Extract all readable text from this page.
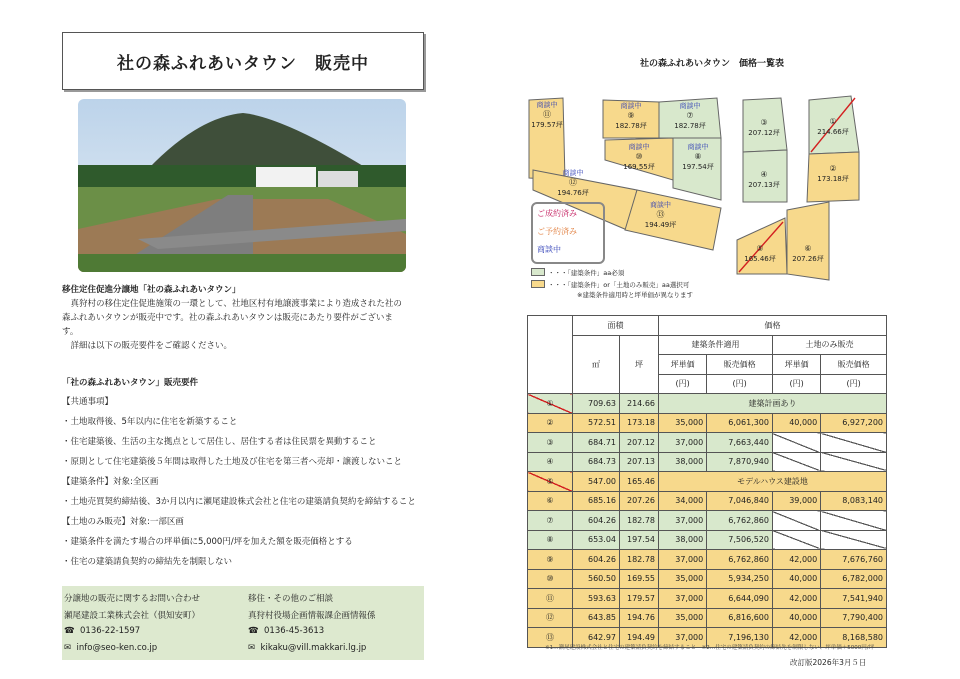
社の森ふれあいタウン　販売中
移住定住促進分譲地「社の森ふれあいタウン」
真狩村の移住定住促進施策の一環として、社地区村有地譲渡事業により造成された社の
森ふれあいタウンが販売中です。社の森ふれあいタウンは販売にあたり要件がございま
す。
詳細は以下の販売要件をご確認ください。
「社の森ふれあいタウン」販売要件
【共通事項】
・土地取得後、5年以内に住宅を新築すること
・住宅建築後、生活の主な拠点として居住し、居住する者は住民票を異動すること
・原則として住宅建築後５年間は取得した土地及び住宅を第三者へ売却・譲渡しないこと
【建築条件】対象:全区画
・土地売買契約締結後、3か月以内に瀬尾建設株式会社と住宅の建築請負契約を締結すること
【土地のみ販売】対象:一部区画
・建築条件を満たす場合の坪単価に5,000円/坪を加えた額を販売価格とする
・住宅の建築請負契約の締結先を制限しない
分譲地の販売に関するお問い合わせ
瀬尾建設工業株式会社（倶知安町）
☎ 0136-22-1597
✉ info@seo-ken.co.jp
移住・その他のご相談
真狩村役場企画情報課企画情報係
☎ 0136-45-3613
✉ kikaku@vill.makkari.lg.jp
社の森ふれあいタウン　価格一覧表
商談中
⑪
179.57坪
商談中
⑨
182.78坪
商談中
⑦
182.78坪	③
207.12坪
①
214.66坪
商談中
⑩
169.55坪
商談中
⑧
197.54坪
④
207.13坪
②
173.18坪
商談中
⑫
194.76坪
商談中
⑬
194.49坪
⑤
165.46坪
⑥
207.26坪
ご成約済み
ご予約済み
商談中
・・・「建築条件」aa必須
・・・「建築条件」or「土地のみ販売」aa選択可
※建築条件適用時と坪単価が異なります
	面積		価格			
	㎡	坪	建築条件適用		土地のみ販売	
			坪単価	販売価格	坪単価	販売価格
			(円)	(円)	(円)	(円)
①	709.63	214.66	建築計画あり			
②	572.51	173.18	35,000	6,061,300	40,000	6,927,200
③	684.71	207.12	37,000	7,663,440		
④	684.73	207.13	38,000	7,870,940		
⑤	547.00	165.46	モデルハウス建設地			
⑥	685.16	207.26	34,000	7,046,840	39,000	8,083,140
⑦	604.26	182.78	37,000	6,762,860		
⑧	653.04	197.54	38,000	7,506,520		
⑨	604.26	182.78	37,000	6,762,860	42,000	7,676,760
⑩	560.50	169.55	35,000	5,934,250	40,000	6,782,000
⑪	593.63	179.57	37,000	6,644,090	42,000	7,541,940
⑫	643.85	194.76	35,000	6,816,600	40,000	7,790,400
⑬	642.97	194.49	37,000	7,196,130	42,000	8,168,580
※1…瀬尾建設株式会社と住宅の建築請負契約を締結すること　※2…住宅の建築請負契約の締結先を制限しない、坪単価＋5000円/坪
改訂版2026年3月５日
